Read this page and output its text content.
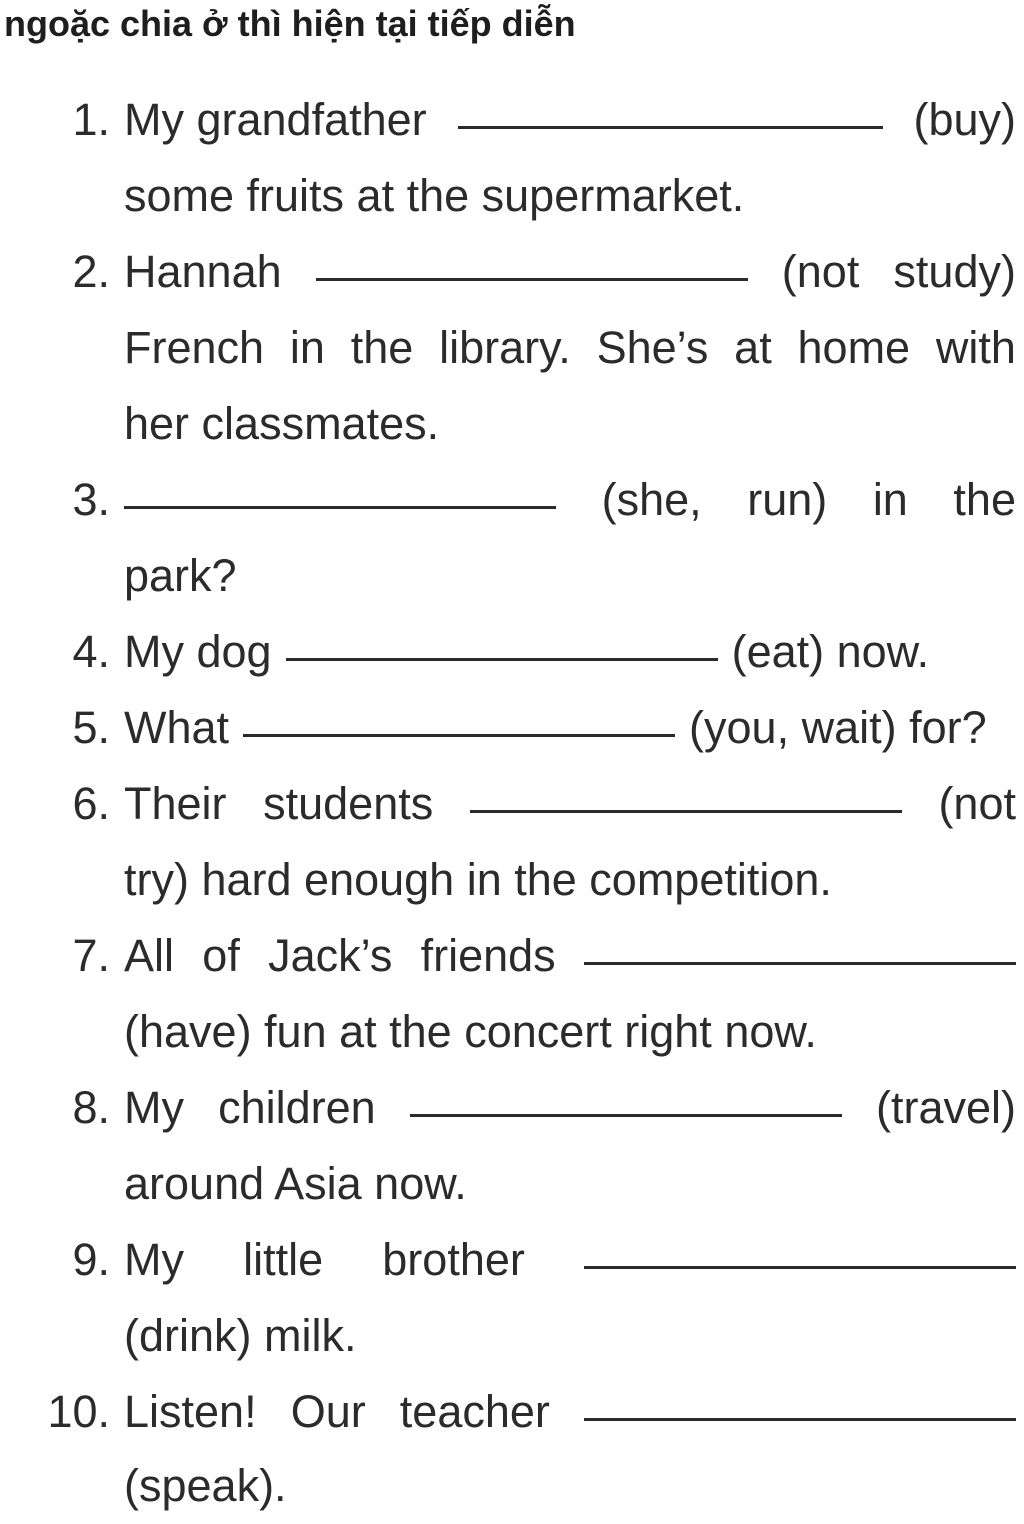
ngoặc chia ở thì hiện tại tiếp diễn
1. My grandfather	(buy)
some fruits at the supermarket.
2. Hannah	(not study)
French in the library. She’s at home with
her classmates.
3.	(she, run) in the
park?
4. My dog	(eat) now.
5. What	(you, wait) for?
6. Their students	(not
try) hard enough in the competition.
7. All of Jack’s friends
(have) fun at the concert right now.
8. My children	(travel)
around Asia now.
9. My little brother
(drink) milk.
10. Listen! Our teacher
(speak).
